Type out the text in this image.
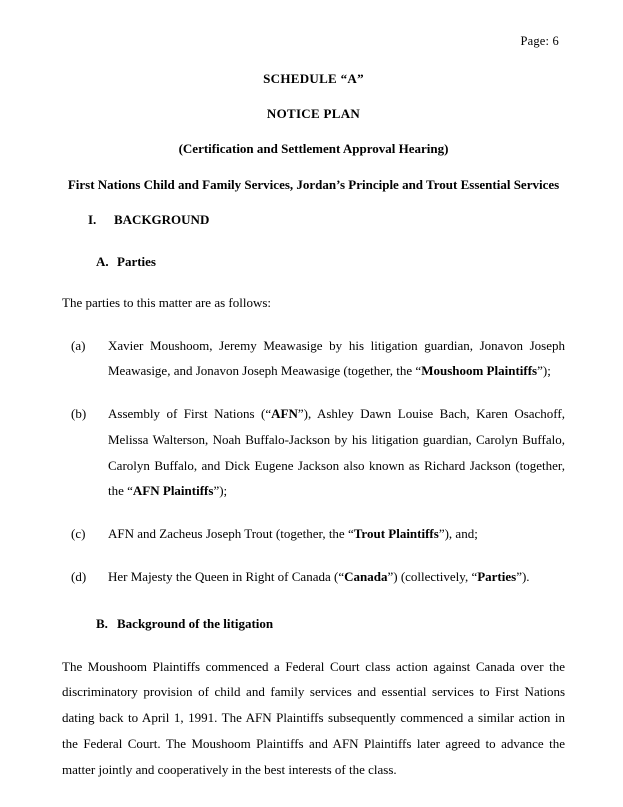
Page: 6
SCHEDULE “A”
NOTICE PLAN
(Certification and Settlement Approval Hearing)
First Nations Child and Family Services, Jordan’s Principle and Trout Essential Services
I. BACKGROUND
A. Parties
The parties to this matter are as follows:
(a) Xavier Moushoom, Jeremy Meawasige by his litigation guardian, Jonavon Joseph Meawasige, and Jonavon Joseph Meawasige (together, the “Moushoom Plaintiffs”);
(b) Assembly of First Nations (“AFN”), Ashley Dawn Louise Bach, Karen Osachoff, Melissa Walterson, Noah Buffalo-Jackson by his litigation guardian, Carolyn Buffalo, Carolyn Buffalo, and Dick Eugene Jackson also known as Richard Jackson (together, the “AFN Plaintiffs”);
(c) AFN and Zacheus Joseph Trout (together, the “Trout Plaintiffs”), and;
(d) Her Majesty the Queen in Right of Canada (“Canada”) (collectively, “Parties”).
B. Background of the litigation
The Moushoom Plaintiffs commenced a Federal Court class action against Canada over the discriminatory provision of child and family services and essential services to First Nations dating back to April 1, 1991. The AFN Plaintiffs subsequently commenced a similar action in the Federal Court. The Moushoom Plaintiffs and AFN Plaintiffs later agreed to advance the matter jointly and cooperatively in the best interests of the class.
